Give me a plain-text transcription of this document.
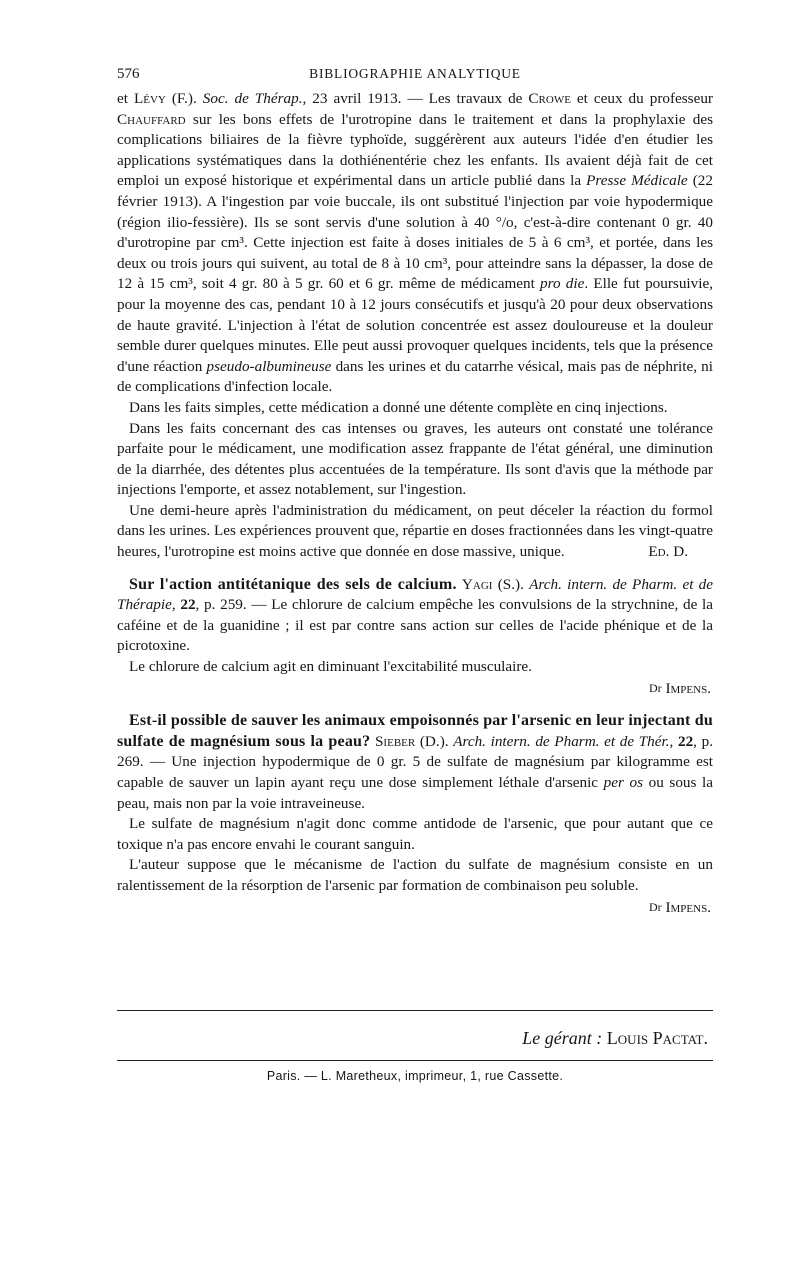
576	BIBLIOGRAPHIE ANALYTIQUE

et Lévy (F.). Soc. de Thérap., 23 avril 1913. — Les travaux de Crowe et ceux du professeur Chauffard sur les bons effets de l'urotropine dans le traitement et dans la prophylaxie des complications biliaires de la fièvre typhoïde, suggérèrent aux auteurs l'idée d'en étudier les applications systématiques dans la dothiénentérie chez les enfants. Ils avaient déjà fait de cet emploi un exposé historique et expérimental dans un article publié dans la Presse Médicale (22 février 1913). A l'ingestion par voie buccale, ils ont substitué l'injection par voie hypodermique (région ilio-fessière). Ils se sont servis d'une solution à 40 °/o, c'est-à-dire contenant 0 gr. 40 d'urotropine par cm³. Cette injection est faite à doses initiales de 5 à 6 cm³, et portée, dans les deux ou trois jours qui suivent, au total de 8 à 10 cm³, pour atteindre sans la dépasser, la dose de 12 à 15 cm³, soit 4 gr. 80 à 5 gr. 60 et 6 gr. même de médicament pro die. Elle fut poursuivie, pour la moyenne des cas, pendant 10 à 12 jours consécutifs et jusqu'à 20 pour deux observations de haute gravité. L'injection à l'état de solution concentrée est assez douloureuse et la douleur semble durer quelques minutes. Elle peut aussi provoquer quelques incidents, tels que la présence d'une réaction pseudo-albumineuse dans les urines et du catarrhe vésical, mais pas de néphrite, ni de complications d'infection locale.

Dans les faits simples, cette médication a donné une détente complète en cinq injections.

Dans les faits concernant des cas intenses ou graves, les auteurs ont constaté une tolérance parfaite pour le médicament, une modification assez frappante de l'état général, une diminution de la diarrhée, des détentes plus accentuées de la température. Ils sont d'avis que la méthode par injections l'emporte, et assez notablement, sur l'ingestion.

Une demi-heure après l'administration du médicament, on peut déceler la réaction du formol dans les urines. Les expériences prouvent que, répartie en doses fractionnées dans les vingt-quatre heures, l'urotropine est moins active que donnée en dose massive, unique.	Ed. D.

Sur l'action antitétanique des sels de calcium. Yagi (S.). Arch. intern. de Pharm. et de Thérapie, 22, p. 259. — Le chlorure de calcium empêche les convulsions de la strychnine, de la caféine et de la guanidine ; il est par contre sans action sur celles de l'acide phénique et de la picrotoxine.

Le chlorure de calcium agit en diminuant l'excitabilité musculaire.

Dr Impens.

Est-il possible de sauver les animaux empoisonnés par l'arsenic en leur injectant du sulfate de magnésium sous la peau? Sieber (D.). Arch. intern. de Pharm. et de Thér., 22, p. 269. — Une injection hypodermique de 0 gr. 5 de sulfate de magnésium par kilogramme est capable de sauver un lapin ayant reçu une dose simplement léthale d'arsenic per os ou sous la peau, mais non par la voie intraveineuse.

Le sulfate de magnésium n'agit donc comme antidode de l'arsenic, que pour autant que ce toxique n'a pas encore envahi le courant sanguin.

L'auteur suppose que le mécanisme de l'action du sulfate de magnésium consiste en un ralentissement de la résorption de l'arsenic par formation de combinaison peu soluble.
Dr Impens.

Le gérant : Louis Pactat.
Paris. — L. Maretheux, imprimeur, 1, rue Cassette.
